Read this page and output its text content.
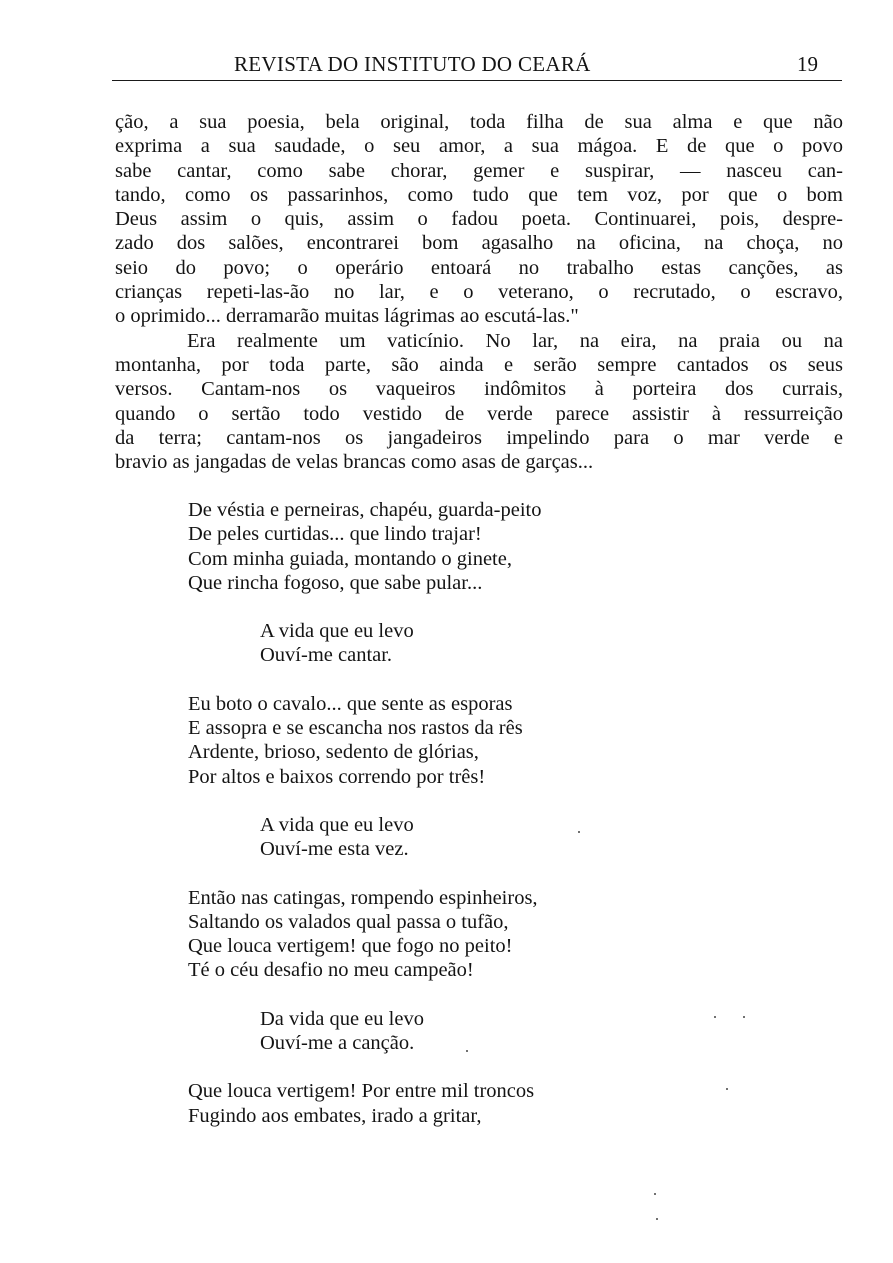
REVISTA DO INSTITUTO DO CEARÁ	19
ção, a sua poesia, bela original, toda filha de sua alma e que não
exprima a sua saudade, o seu amor, a sua mágoa. E de que o povo
sabe cantar, como sabe chorar, gemer e suspirar, — nasceu can-
tando, como os passarinhos, como tudo que tem voz, por que o bom
Deus assim o quis, assim o fadou poeta. Continuarei, pois, despre-
zado dos salões, encontrarei bom agasalho na oficina, na choça, no
seio do povo; o operário entoará no trabalho estas canções, as
crianças repeti-las-ão no lar, e o veterano, o recrutado, o escravo,
o oprimido... derramarão muitas lágrimas ao escutá-las."
Era realmente um vaticínio. No lar, na eira, na praia ou na
montanha, por toda parte, são ainda e serão sempre cantados os seus
versos. Cantam-nos os vaqueiros indômitos à porteira dos currais,
quando o sertão todo vestido de verde parece assistir à ressurreição
da terra; cantam-nos os jangadeiros impelindo para o mar verde e
bravio as jangadas de velas brancas como asas de garças...
De véstia e perneiras, chapéu, guarda-peito
De peles curtidas... que lindo trajar!
Com minha guiada, montando o ginete,
Que rincha fogoso, que sabe pular...
A vida que eu levo
Ouví-me cantar.
Eu boto o cavalo... que sente as esporas
E assopra e se escancha nos rastos da rês
Ardente, brioso, sedento de glórias,
Por altos e baixos correndo por três!
A vida que eu levo
Ouví-me esta vez.
Então nas catingas, rompendo espinheiros,
Saltando os valados qual passa o tufão,
Que louca vertigem! que fogo no peito!
Té o céu desafio no meu campeão!
Da vida que eu levo
Ouví-me a canção.
Que louca vertigem! Por entre mil troncos
Fugindo aos embates, irado a gritar,
